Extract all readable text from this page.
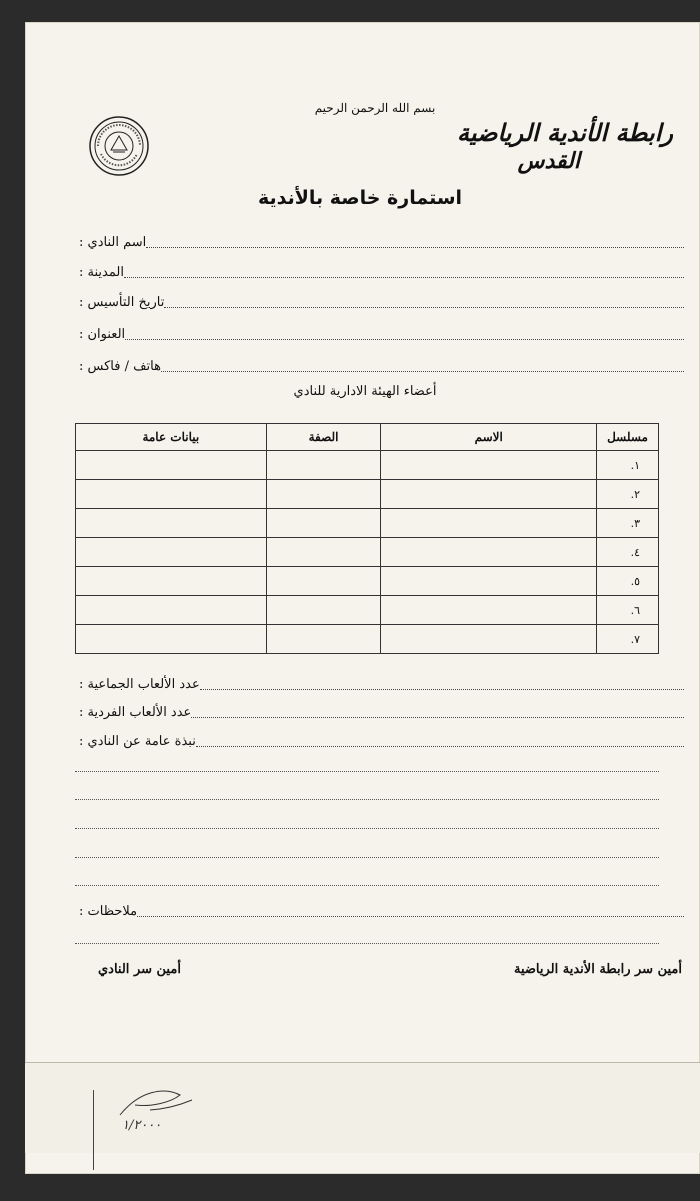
بسم الله الرحمن الرحيم
رابطة الأندية الرياضية
القدس
استمارة خاصة بالأندية
اسم النادي :
المدينة :
تاريخ التأسيس :
العنوان :
هاتف / فاكس :
أعضاء الهيئة الادارية للنادي
مسلسل	الاسم	الصفة	بيانات عامة
١.			
٢.			
٣.			
٤.			
٥.			
٦.			
٧.			
عدد الألعاب الجماعية :
عدد الألعاب الفردية :
نبذة عامة عن النادي :
ملاحظات :
أمين سر رابطة الأندية الرياضية
أمين سر النادي
١/٢٠٠٠
